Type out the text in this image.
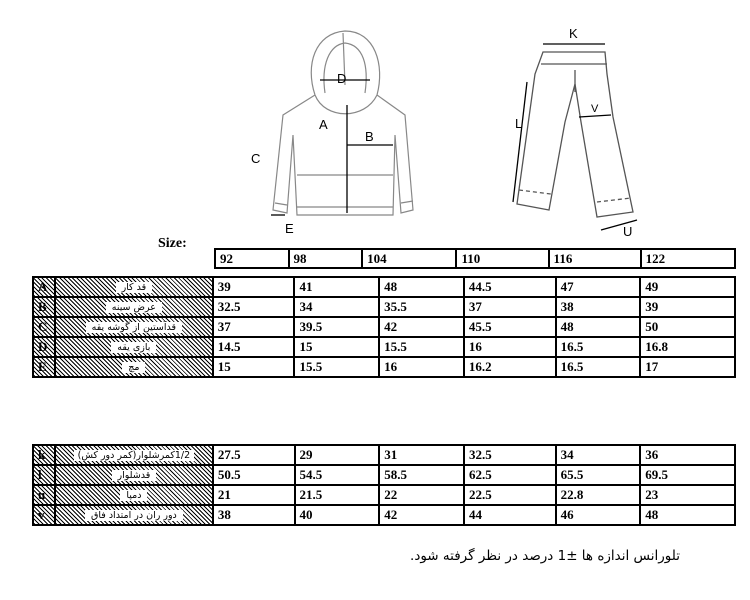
D
A
B
C
E
K
L
V
U
Size:
92	98	104	110	116	122
A	قد کار	39	41	48	44.5	47	49
B	عرض سینه	32.5	34	35.5	37	38	39
C	قدآستین از گوشه یقه	37	39.5	42	45.5	48	50
D	بازی یقه	14.5	15	15.5	16	16.5	16.8
E	مچ	15	15.5	16	16.2	16.5	17
k	1/2کمرشلوار(کمر دور کش)	27.5	29	31	32.5	34	36
l	قدشلوار	50.5	54.5	58.5	62.5	65.5	69.5
u	دمپا	21	21.5	22	22.5	22.8	23
v	دور ران در امتداد فاق	38	40	42	44	46	48
تلورانس اندازه ها ±1 درصد در نظر گرفته شود.
